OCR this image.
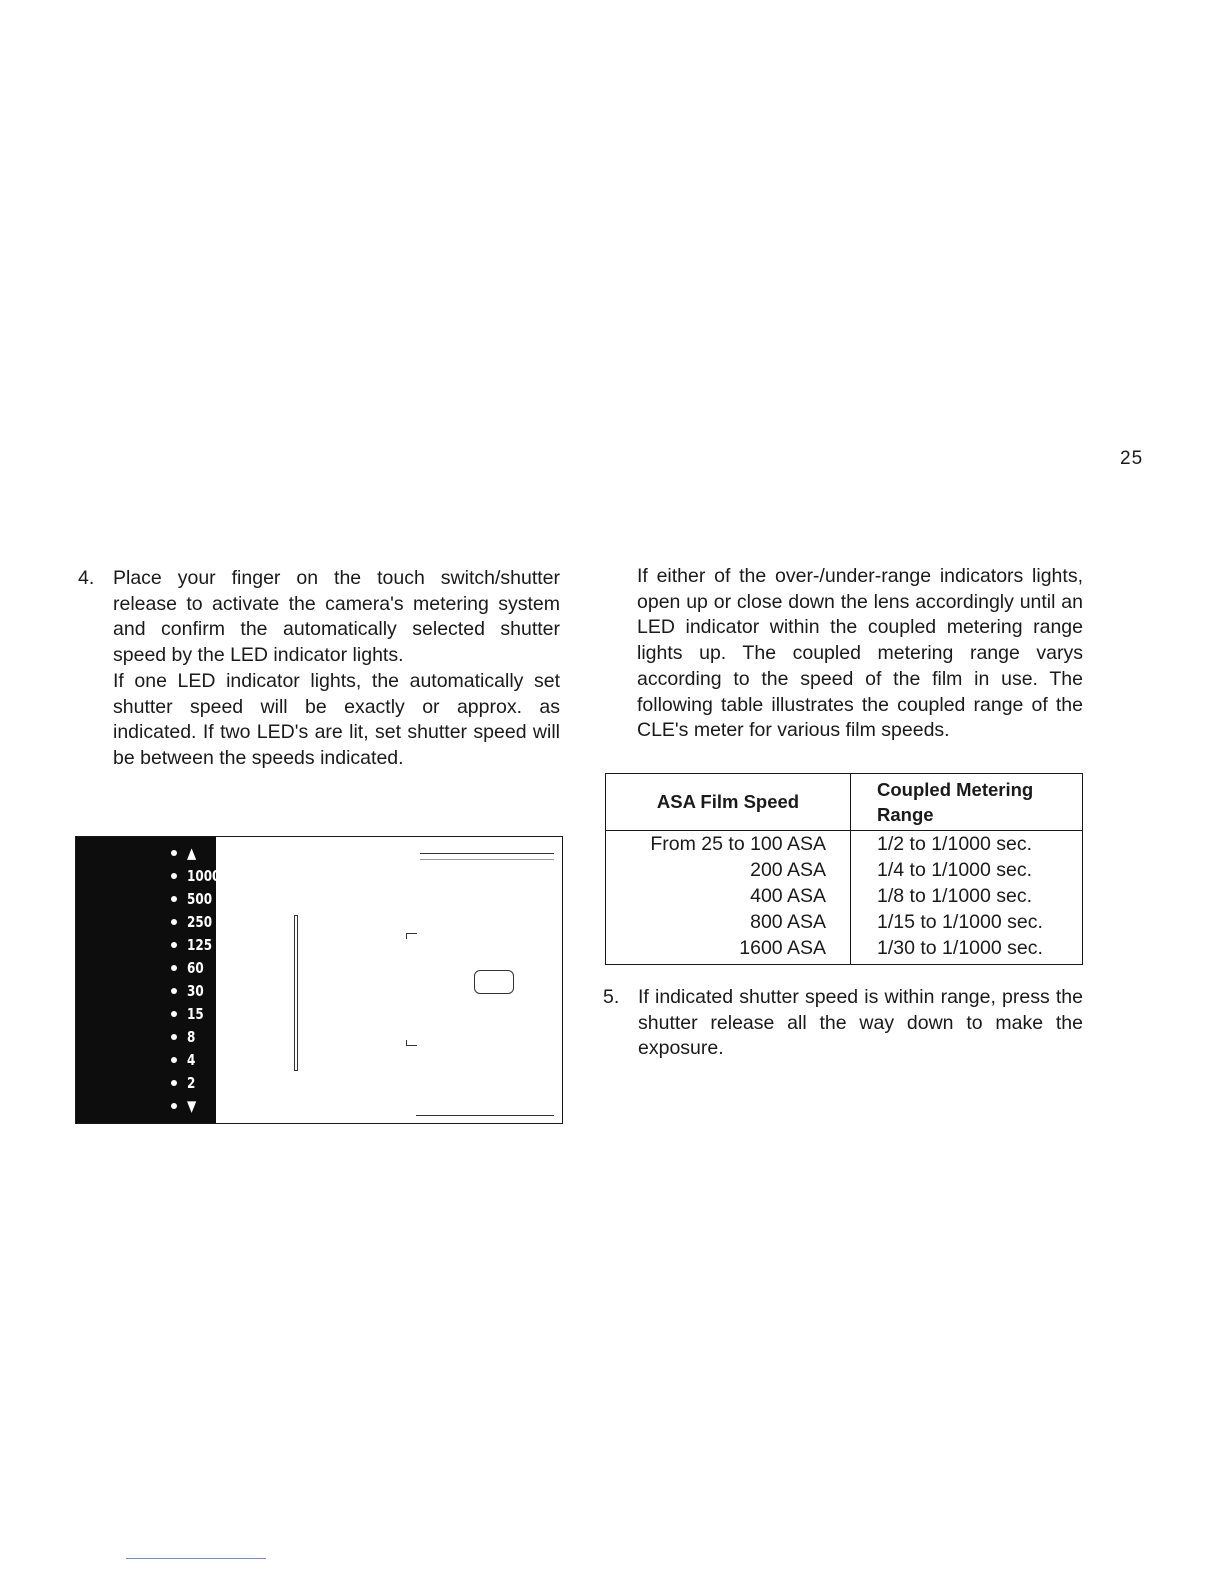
25
4. Place your finger on the touch switch/shutter release to activate the camera's metering system and confirm the automatically selected shutter speed by the LED indicator lights.

If one LED indicator lights, the automatically set shutter speed will be exactly or approx. as indicated. If two LED's are lit, set shutter speed will be between the speeds indicated.

▲
1000
500
250
125
60
30
15
8
4
2
▼

If either of the over-/under-range indicators lights, open up or close down the lens accordingly until an LED indicator within the coupled metering range lights up. The coupled metering range varys according to the speed of the film in use. The following table illustrates the coupled range of the CLE's meter for various film speeds.

ASA Film Speed	Coupled Metering Range
From 25 to 100 ASA	1/2 to 1/1000 sec.
200 ASA	1/4 to 1/1000 sec.
400 ASA	1/8 to 1/1000 sec.
800 ASA	1/15 to 1/1000 sec.
1600 ASA	1/30 to 1/1000 sec.
5. If indicated shutter speed is within range, press the shutter release all the way down to make the exposure.
